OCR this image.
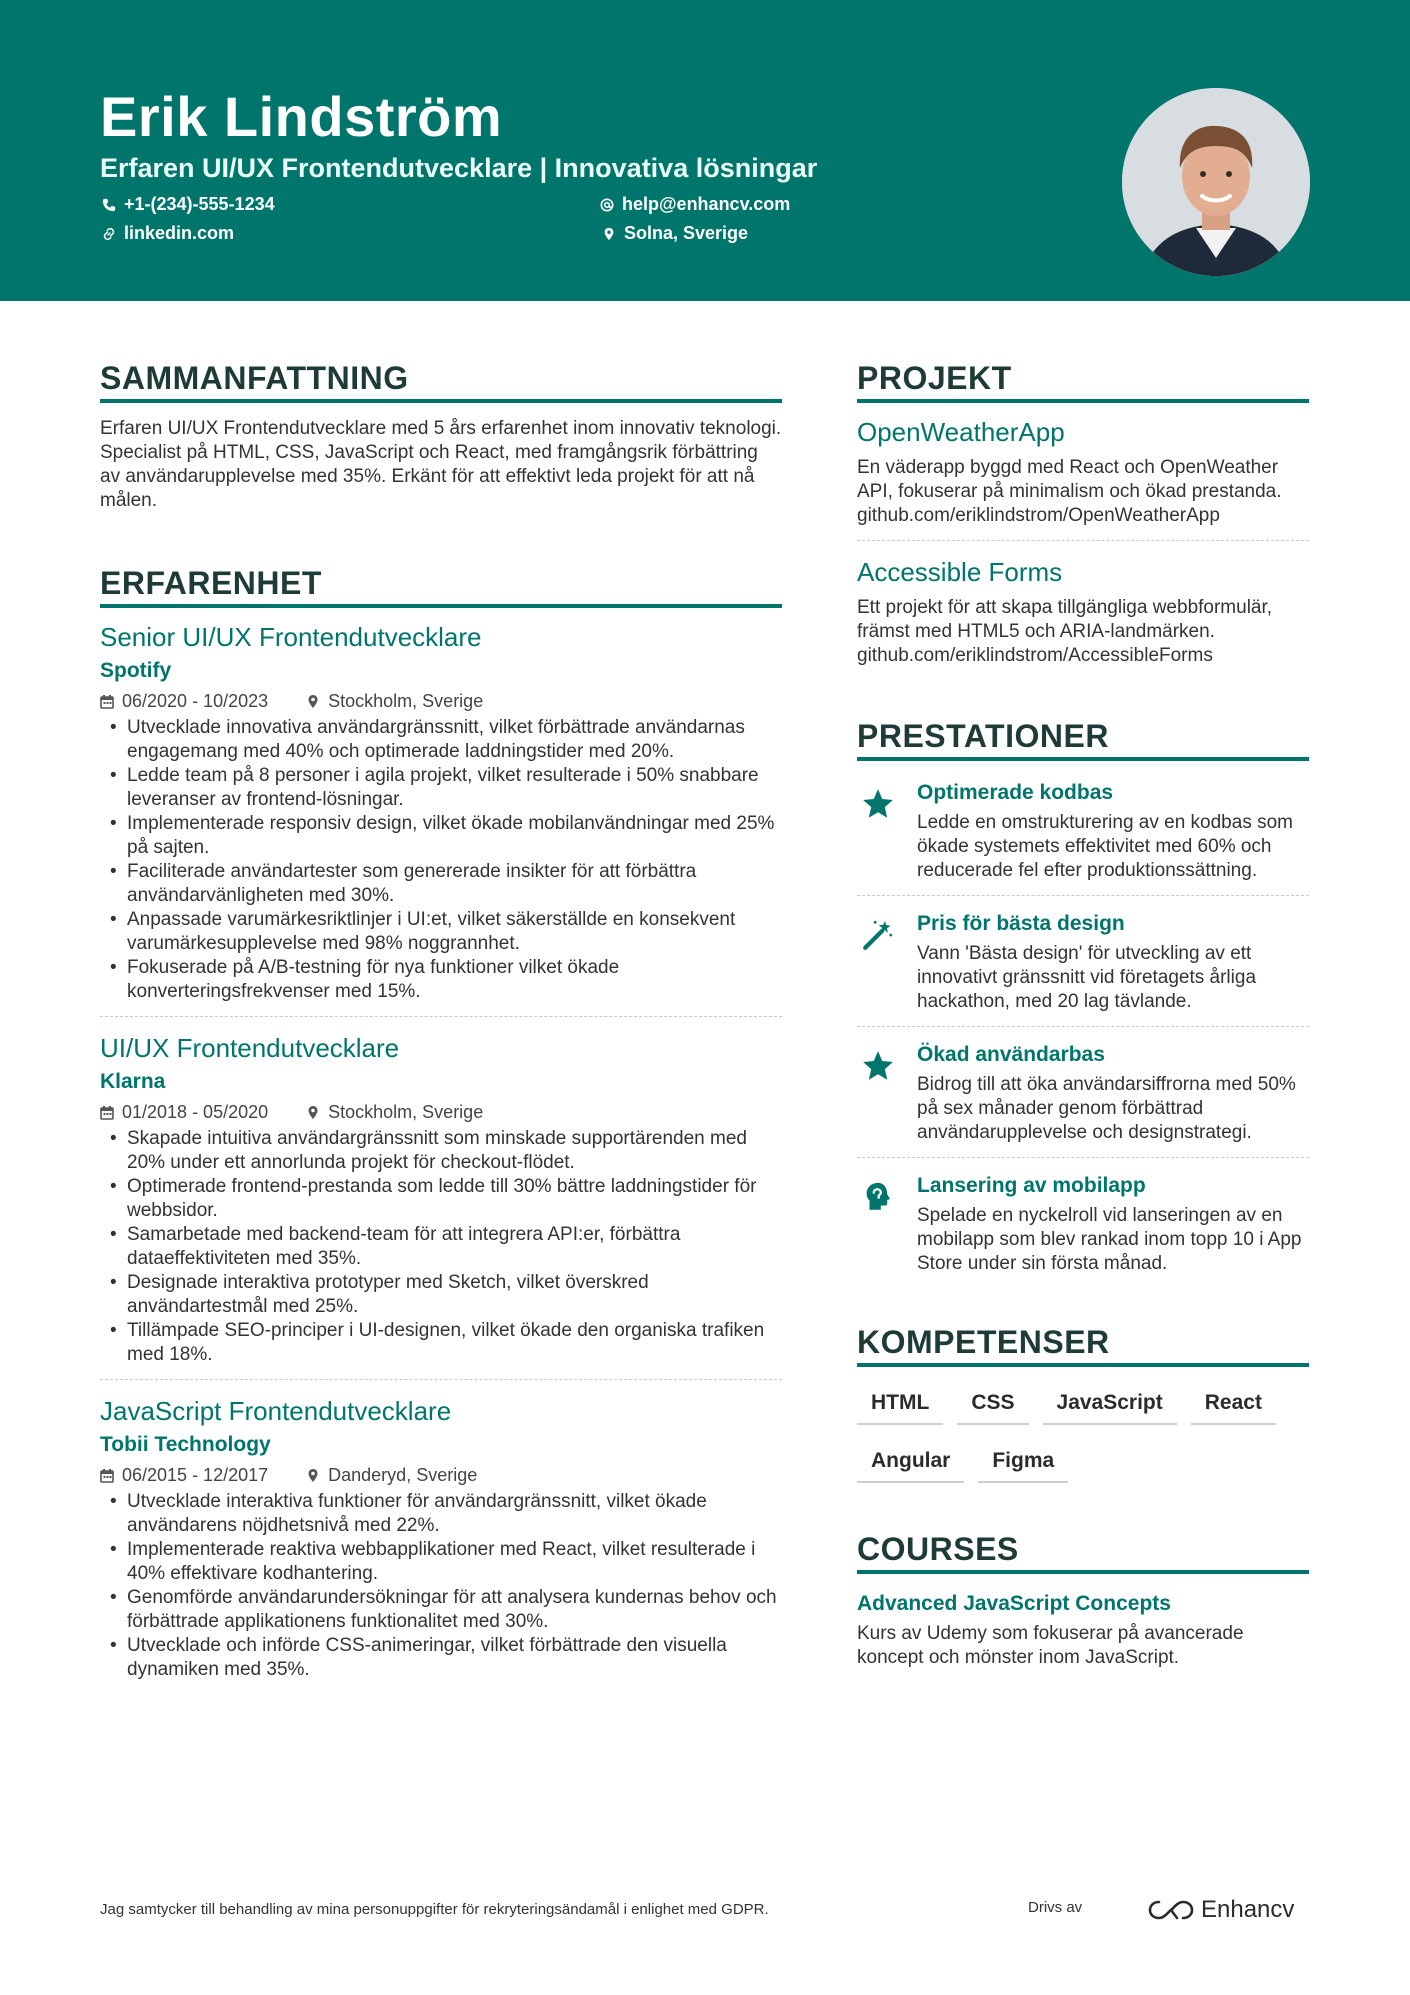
Erik Lindström
Erfaren UI/UX Frontendutvecklare | Innovativa lösningar
+1-(234)-555-1234	help@enhancv.com
linkedin.com	Solna, Sverige
SAMMANFATTNING
Erfaren UI/UX Frontendutvecklare med 5 års erfarenhet inom innovativ teknologi. Specialist på HTML, CSS, JavaScript och React, med framgångsrik förbättring av användarupplevelse med 35%. Erkänt för att effektivt leda projekt för att nå målen.
ERFARENHET
Senior UI/UX Frontendutvecklare
Spotify
06/2020 - 10/2023	Stockholm, Sverige
• Utvecklade innovativa användargränssnitt, vilket förbättrade användarnas engagemang med 40% och optimerade laddningstider med 20%.
• Ledde team på 8 personer i agila projekt, vilket resulterade i 50% snabbare leveranser av frontend-lösningar.
• Implementerade responsiv design, vilket ökade mobilanvändningar med 25% på sajten.
• Faciliterade användartester som genererade insikter för att förbättra användarvänligheten med 30%.
• Anpassade varumärkesriktlinjer i UI:et, vilket säkerställde en konsekvent varumärkesupplevelse med 98% noggrannhet.
• Fokuserade på A/B-testning för nya funktioner vilket ökade konverteringsfrekvenser med 15%.
UI/UX Frontendutvecklare
Klarna
01/2018 - 05/2020	Stockholm, Sverige
• Skapade intuitiva användargränssnitt som minskade supportärenden med 20% under ett annorlunda projekt för checkout-flödet.
• Optimerade frontend-prestanda som ledde till 30% bättre laddningstider för webbsidor.
• Samarbetade med backend-team för att integrera API:er, förbättra dataeffektiviteten med 35%.
• Designade interaktiva prototyper med Sketch, vilket överskred användartestmål med 25%.
• Tillämpade SEO-principer i UI-designen, vilket ökade den organiska trafiken med 18%.
JavaScript Frontendutvecklare
Tobii Technology
06/2015 - 12/2017	Danderyd, Sverige
• Utvecklade interaktiva funktioner för användargränssnitt, vilket ökade användarens nöjdhetsnivå med 22%.
• Implementerade reaktiva webbapplikationer med React, vilket resulterade i 40% effektivare kodhantering.
• Genomförde användarundersökningar för att analysera kundernas behov och förbättrade applikationens funktionalitet med 30%.
• Utvecklade och införde CSS-animeringar, vilket förbättrade den visuella dynamiken med 35%.
PROJEKT
OpenWeatherApp
En väderapp byggd med React och OpenWeather API, fokuserar på minimalism och ökad prestanda. github.com/eriklindstrom/OpenWeatherApp
Accessible Forms
Ett projekt för att skapa tillgängliga webbformulär, främst med HTML5 och ARIA-landmärken. github.com/eriklindstrom/AccessibleForms
PRESTATIONER
Optimerade kodbas
Ledde en omstrukturering av en kodbas som ökade systemets effektivitet med 60% och reducerade fel efter produktionssättning.
Pris för bästa design
Vann 'Bästa design' för utveckling av ett innovativt gränssnitt vid företagets årliga hackathon, med 20 lag tävlande.
Ökad användarbas
Bidrog till att öka användarsiffrorna med 50% på sex månader genom förbättrad användarupplevelse och designstrategi.
Lansering av mobilapp
Spelade en nyckelroll vid lanseringen av en mobilapp som blev rankad inom topp 10 i App Store under sin första månad.
KOMPETENSER
HTML	CSS	JavaScript	React
Angular	Figma
COURSES
Advanced JavaScript Concepts
Kurs av Udemy som fokuserar på avancerade koncept och mönster inom JavaScript.
Jag samtycker till behandling av mina personuppgifter för rekryteringsändamål i enlighet med GDPR.	Drivs av	Enhancv
